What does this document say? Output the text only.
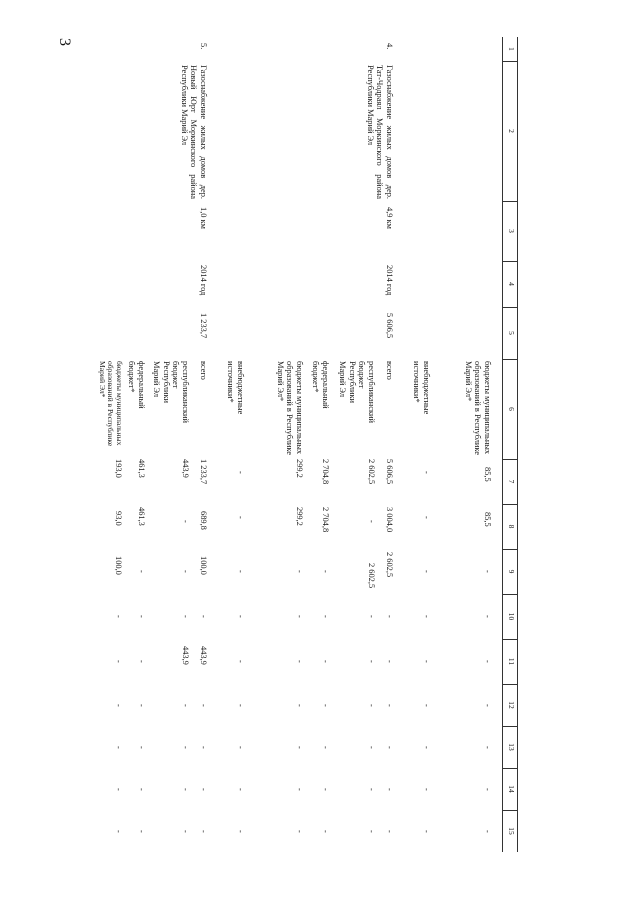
3
1
2
3
4
5
6
7
8
9
10
11
12
13
14
15
бюджеты муниципальных образований в Республике Марий Эл*
85,5
85,5
-
-
-
-
-
-
-
внебюджетные источники*
-
-
-
-
-
-
-
-
-
4.
Газоснабжение жилых домов дер. Тат-Чодраял Моркинского района Республики Марий Эл
4,9 км
2014 год
5 606,5
всего
5 606,5
3 004,0
2 602,5
-
-
-
-
-
-
республиканский бюджет Республики Марий Эл
2 602,5
-
2 602,5
-
-
-
-
-
-
федеральный бюджет*
2 704,8
2 704,8
-
-
-
-
-
-
-
бюджеты муниципальных образований в Республике Марий Эл*
299,2
299,2
-
-
-
-
-
-
-
внебюджетные источники*
-
-
-
-
-
-
-
-
-
5.
Газоснабжение жилых домов дер. Новый Юрт Моркинского района Республики Марий Эл
1,0 км
2014 год
1 233,7
всего
1 233,7
689,8
100,0
-
443,9
-
-
-
-
республиканский бюджет Республики Марий Эл
443,9
-
-
-
443,9
-
-
-
-
федеральный бюджет*
461,3
461,3
-
-
-
-
-
-
-
бюджеты муниципальных образований в Республике Марий Эл*
193,0
93,0
100,0
-
-
-
-
-
-
